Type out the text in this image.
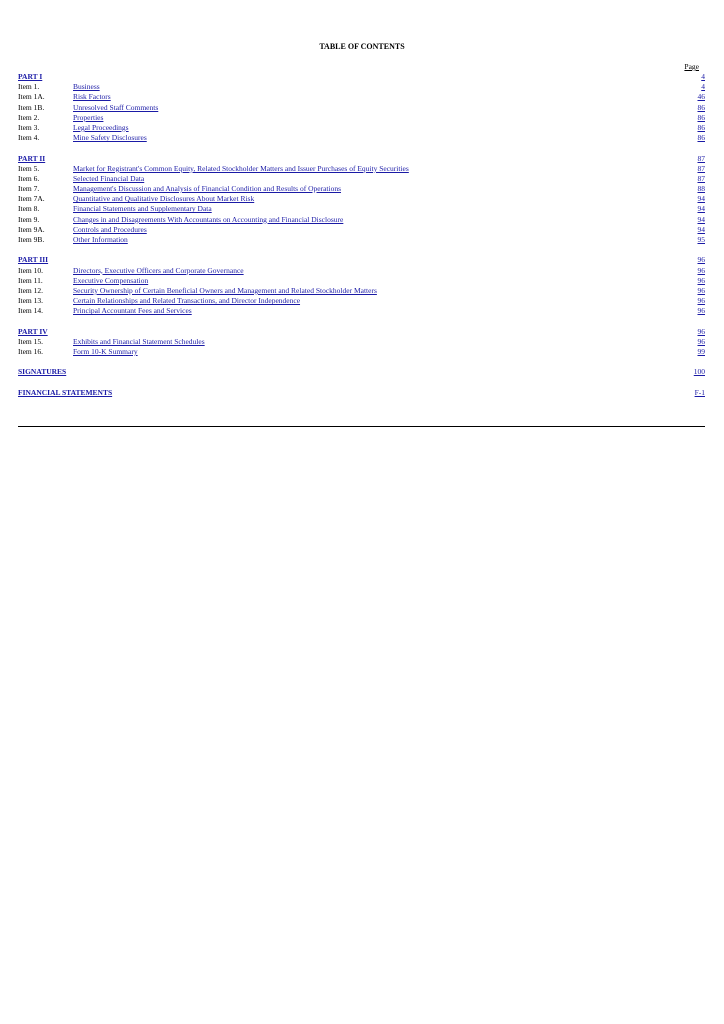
TABLE OF CONTENTS
Page
PART I	4
Item 1.	Business	4
Item 1A.	Risk Factors	46
Item 1B.	Unresolved Staff Comments	86
Item 2.	Properties	86
Item 3.	Legal Proceedings	86
Item 4.	Mine Safety Disclosures	86
PART II	87
Item 5.	Market for Registrant's Common Equity, Related Stockholder Matters and Issuer Purchases of Equity Securities	87
Item 6.	Selected Financial Data	87
Item 7.	Management's Discussion and Analysis of Financial Condition and Results of Operations	88
Item 7A.	Quantitative and Qualitative Disclosures About Market Risk	94
Item 8.	Financial Statements and Supplementary Data	94
Item 9.	Changes in and Disagreements With Accountants on Accounting and Financial Disclosure	94
Item 9A.	Controls and Procedures	94
Item 9B.	Other Information	95
PART III	96
Item 10.	Directors, Executive Officers and Corporate Governance	96
Item 11.	Executive Compensation	96
Item 12.	Security Ownership of Certain Beneficial Owners and Management and Related Stockholder Matters	96
Item 13.	Certain Relationships and Related Transactions, and Director Independence	96
Item 14.	Principal Accountant Fees and Services	96
PART IV	96
Item 15.	Exhibits and Financial Statement Schedules	96
Item 16.	Form 10-K Summary	99
SIGNATURES	100
FINANCIAL STATEMENTS	F-1
